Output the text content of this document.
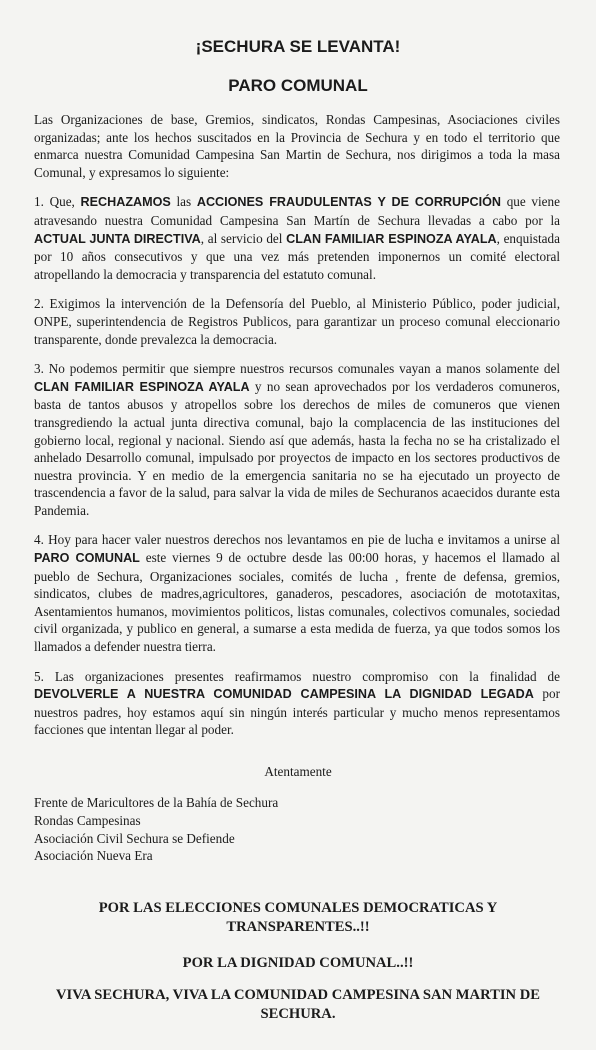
¡SECHURA SE LEVANTA!
PARO COMUNAL

Las Organizaciones de base, Gremios, sindicatos, Rondas Campesinas, Asociaciones civiles organizadas; ante los hechos suscitados en la Provincia de Sechura y en todo el territorio que enmarca nuestra Comunidad Campesina San Martin de Sechura, nos dirigimos a toda la masa Comunal, y expresamos lo siguiente:

1. Que, RECHAZAMOS las ACCIONES FRAUDULENTAS Y DE CORRUPCIÓN que viene atravesando nuestra Comunidad Campesina San Martín de Sechura llevadas a cabo por la ACTUAL JUNTA DIRECTIVA, al servicio del CLAN FAMILIAR ESPINOZA AYALA, enquistada por 10 años consecutivos y que una vez más pretenden imponernos un comité electoral atropellando la democracia y transparencia del estatuto comunal.

2. Exigimos la intervención de la Defensoría del Pueblo, al Ministerio Público, poder judicial, ONPE, superintendencia de Registros Publicos, para garantizar un proceso comunal eleccionario transparente, donde prevalezca la democracia.

3. No podemos permitir que siempre nuestros recursos comunales vayan a manos solamente del CLAN FAMILIAR ESPINOZA AYALA y no sean aprovechados por los verdaderos comuneros, basta de tantos abusos y atropellos sobre los derechos de miles de comuneros que vienen transgrediendo la actual junta directiva comunal, bajo la complacencia de las instituciones del gobierno local, regional y nacional. Siendo así que además, hasta la fecha no se ha cristalizado el anhelado Desarrollo comunal, impulsado por proyectos de impacto en los sectores productivos de nuestra provincia. Y en medio de la emergencia sanitaria no se ha ejecutado un proyecto de trascendencia a favor de la salud, para salvar la vida de miles de Sechuranos acaecidos durante esta Pandemia.

4. Hoy para hacer valer nuestros derechos nos levantamos en pie de lucha e invitamos a unirse al PARO COMUNAL este viernes 9 de octubre desde las 00:00 horas, y hacemos el llamado al pueblo de Sechura, Organizaciones sociales, comités de lucha , frente de defensa, gremios, sindicatos, clubes de madres,agricultores, ganaderos, pescadores, asociación de mototaxitas, Asentamientos humanos, movimientos politicos, listas comunales, colectivos comunales, sociedad civil organizada, y publico en general, a sumarse a esta medida de fuerza, ya que todos somos los llamados a defender nuestra tierra.

5. Las organizaciones presentes reafirmamos nuestro compromiso con la finalidad de DEVOLVERLE A NUESTRA COMUNIDAD CAMPESINA LA DIGNIDAD LEGADA por nuestros padres, hoy estamos aquí sin ningún interés particular y mucho menos representamos facciones que intentan llegar al poder.

Atentamente
Frente de Maricultores de la Bahía de Sechura
Rondas Campesinas
Asociación Civil Sechura se Defiende
Asociación Nueva Era
POR LAS ELECCIONES COMUNALES DEMOCRATICAS Y TRANSPARENTES..!!
POR LA DIGNIDAD COMUNAL..!!
VIVA SECHURA, VIVA LA COMUNIDAD CAMPESINA SAN MARTIN DE SECHURA.
